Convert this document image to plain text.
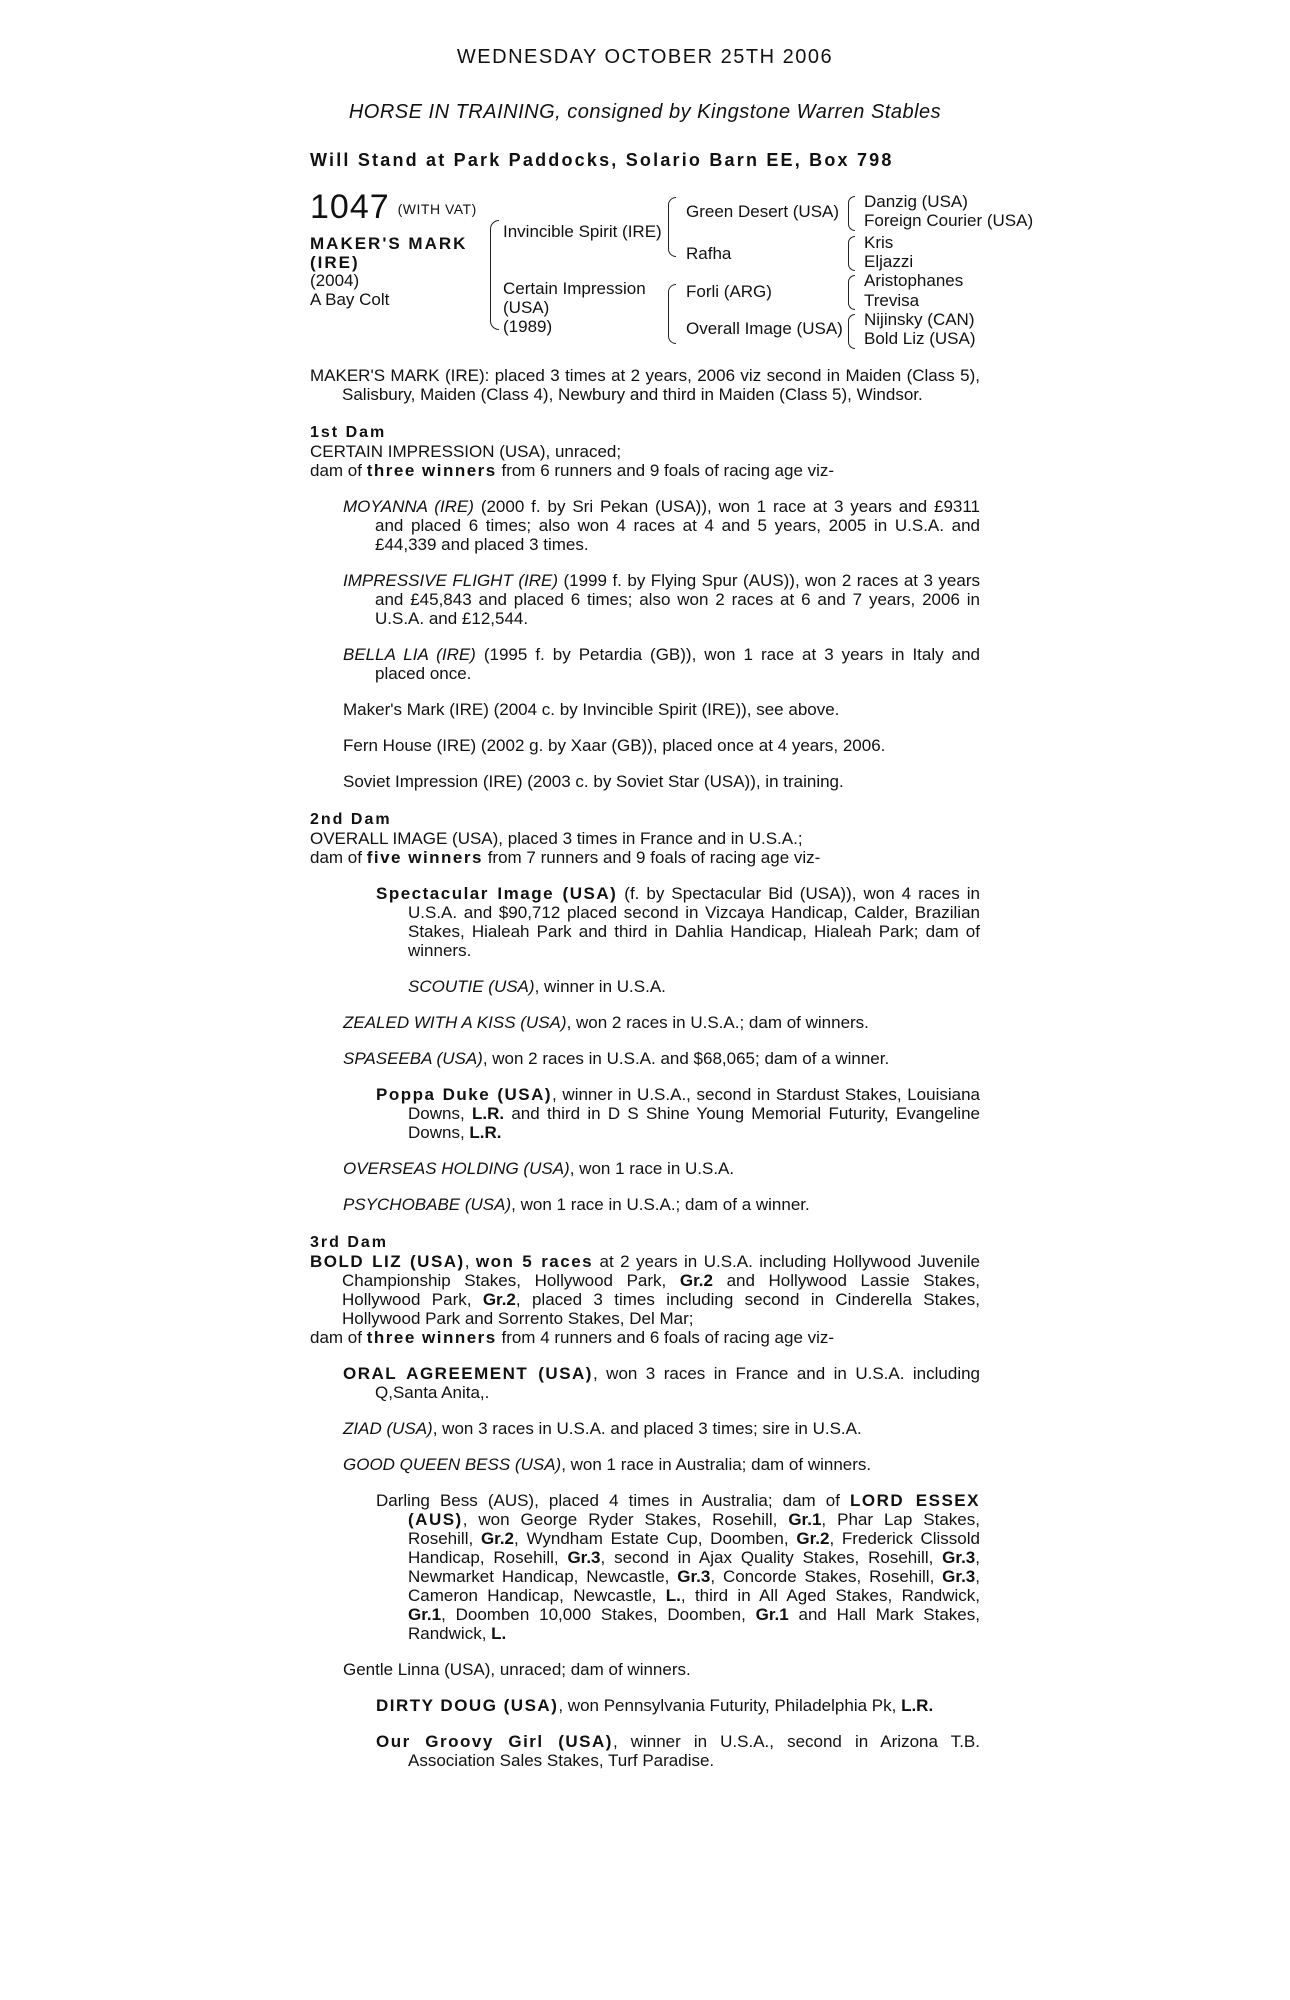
WEDNESDAY OCTOBER 25TH 2006
HORSE IN TRAINING, consigned by Kingstone Warren Stables
Will Stand at Park Paddocks, Solario Barn EE, Box 798
1047 (WITH VAT)
MAKER'S MARK
(IRE)
(2004)
A Bay Colt
Invincible Spirit (IRE)
Certain Impression
(USA)
(1989)
Green Desert (USA)
Rafha
Forli (ARG)
Overall Image (USA)
Danzig (USA)
Foreign Courier (USA)
Kris
Eljazzi
Aristophanes
Trevisa
Nijinsky (CAN)
Bold Liz (USA)

MAKER'S MARK (IRE): placed 3 times at 2 years, 2006 viz second in Maiden (Class 5), Salisbury, Maiden (Class 4), Newbury and third in Maiden (Class 5), Windsor.

1st Dam

CERTAIN IMPRESSION (USA), unraced;

dam of three winners from 6 runners and 9 foals of racing age viz-

MOYANNA (IRE) (2000 f. by Sri Pekan (USA)), won 1 race at 3 years and £9311 and placed 6 times; also won 4 races at 4 and 5 years, 2005 in U.S.A. and £44,339 and placed 3 times.

IMPRESSIVE FLIGHT (IRE) (1999 f. by Flying Spur (AUS)), won 2 races at 3 years and £45,843 and placed 6 times; also won 2 races at 6 and 7 years, 2006 in U.S.A. and £12,544.

BELLA LIA (IRE) (1995 f. by Petardia (GB)), won 1 race at 3 years in Italy and placed once.

Maker's Mark (IRE) (2004 c. by Invincible Spirit (IRE)), see above.

Fern House (IRE) (2002 g. by Xaar (GB)), placed once at 4 years, 2006.

Soviet Impression (IRE) (2003 c. by Soviet Star (USA)), in training.

2nd Dam

OVERALL IMAGE (USA), placed 3 times in France and in U.S.A.;

dam of five winners from 7 runners and 9 foals of racing age viz-

Spectacular Image (USA) (f. by Spectacular Bid (USA)), won 4 races in U.S.A. and $90,712 placed second in Vizcaya Handicap, Calder, Brazilian Stakes, Hialeah Park and third in Dahlia Handicap, Hialeah Park; dam of winners.

SCOUTIE (USA), winner in U.S.A.

ZEALED WITH A KISS (USA), won 2 races in U.S.A.; dam of winners.

SPASEEBA (USA), won 2 races in U.S.A. and $68,065; dam of a winner.

Poppa Duke (USA), winner in U.S.A., second in Stardust Stakes, Louisiana Downs, L.R. and third in D S Shine Young Memorial Futurity, Evangeline Downs, L.R.

OVERSEAS HOLDING (USA), won 1 race in U.S.A.

PSYCHOBABE (USA), won 1 race in U.S.A.; dam of a winner.

3rd Dam

BOLD LIZ (USA), won 5 races at 2 years in U.S.A. including Hollywood Juvenile Championship Stakes, Hollywood Park, Gr.2 and Hollywood Lassie Stakes, Hollywood Park, Gr.2, placed 3 times including second in Cinderella Stakes, Hollywood Park and Sorrento Stakes, Del Mar;

dam of three winners from 4 runners and 6 foals of racing age viz-

ORAL AGREEMENT (USA), won 3 races in France and in U.S.A. including Q,Santa Anita,.

ZIAD (USA), won 3 races in U.S.A. and placed 3 times; sire in U.S.A.

GOOD QUEEN BESS (USA), won 1 race in Australia; dam of winners.

Darling Bess (AUS), placed 4 times in Australia; dam of LORD ESSEX (AUS), won George Ryder Stakes, Rosehill, Gr.1, Phar Lap Stakes, Rosehill, Gr.2, Wyndham Estate Cup, Doomben, Gr.2, Frederick Clissold Handicap, Rosehill, Gr.3, second in Ajax Quality Stakes, Rosehill, Gr.3, Newmarket Handicap, Newcastle, Gr.3, Concorde Stakes, Rosehill, Gr.3, Cameron Handicap, Newcastle, L., third in All Aged Stakes, Randwick, Gr.1, Doomben 10,000 Stakes, Doomben, Gr.1 and Hall Mark Stakes, Randwick, L.

Gentle Linna (USA), unraced; dam of winners.

DIRTY DOUG (USA), won Pennsylvania Futurity, Philadelphia Pk, L.R.

Our Groovy Girl (USA), winner in U.S.A., second in Arizona T.B. Association Sales Stakes, Turf Paradise.
